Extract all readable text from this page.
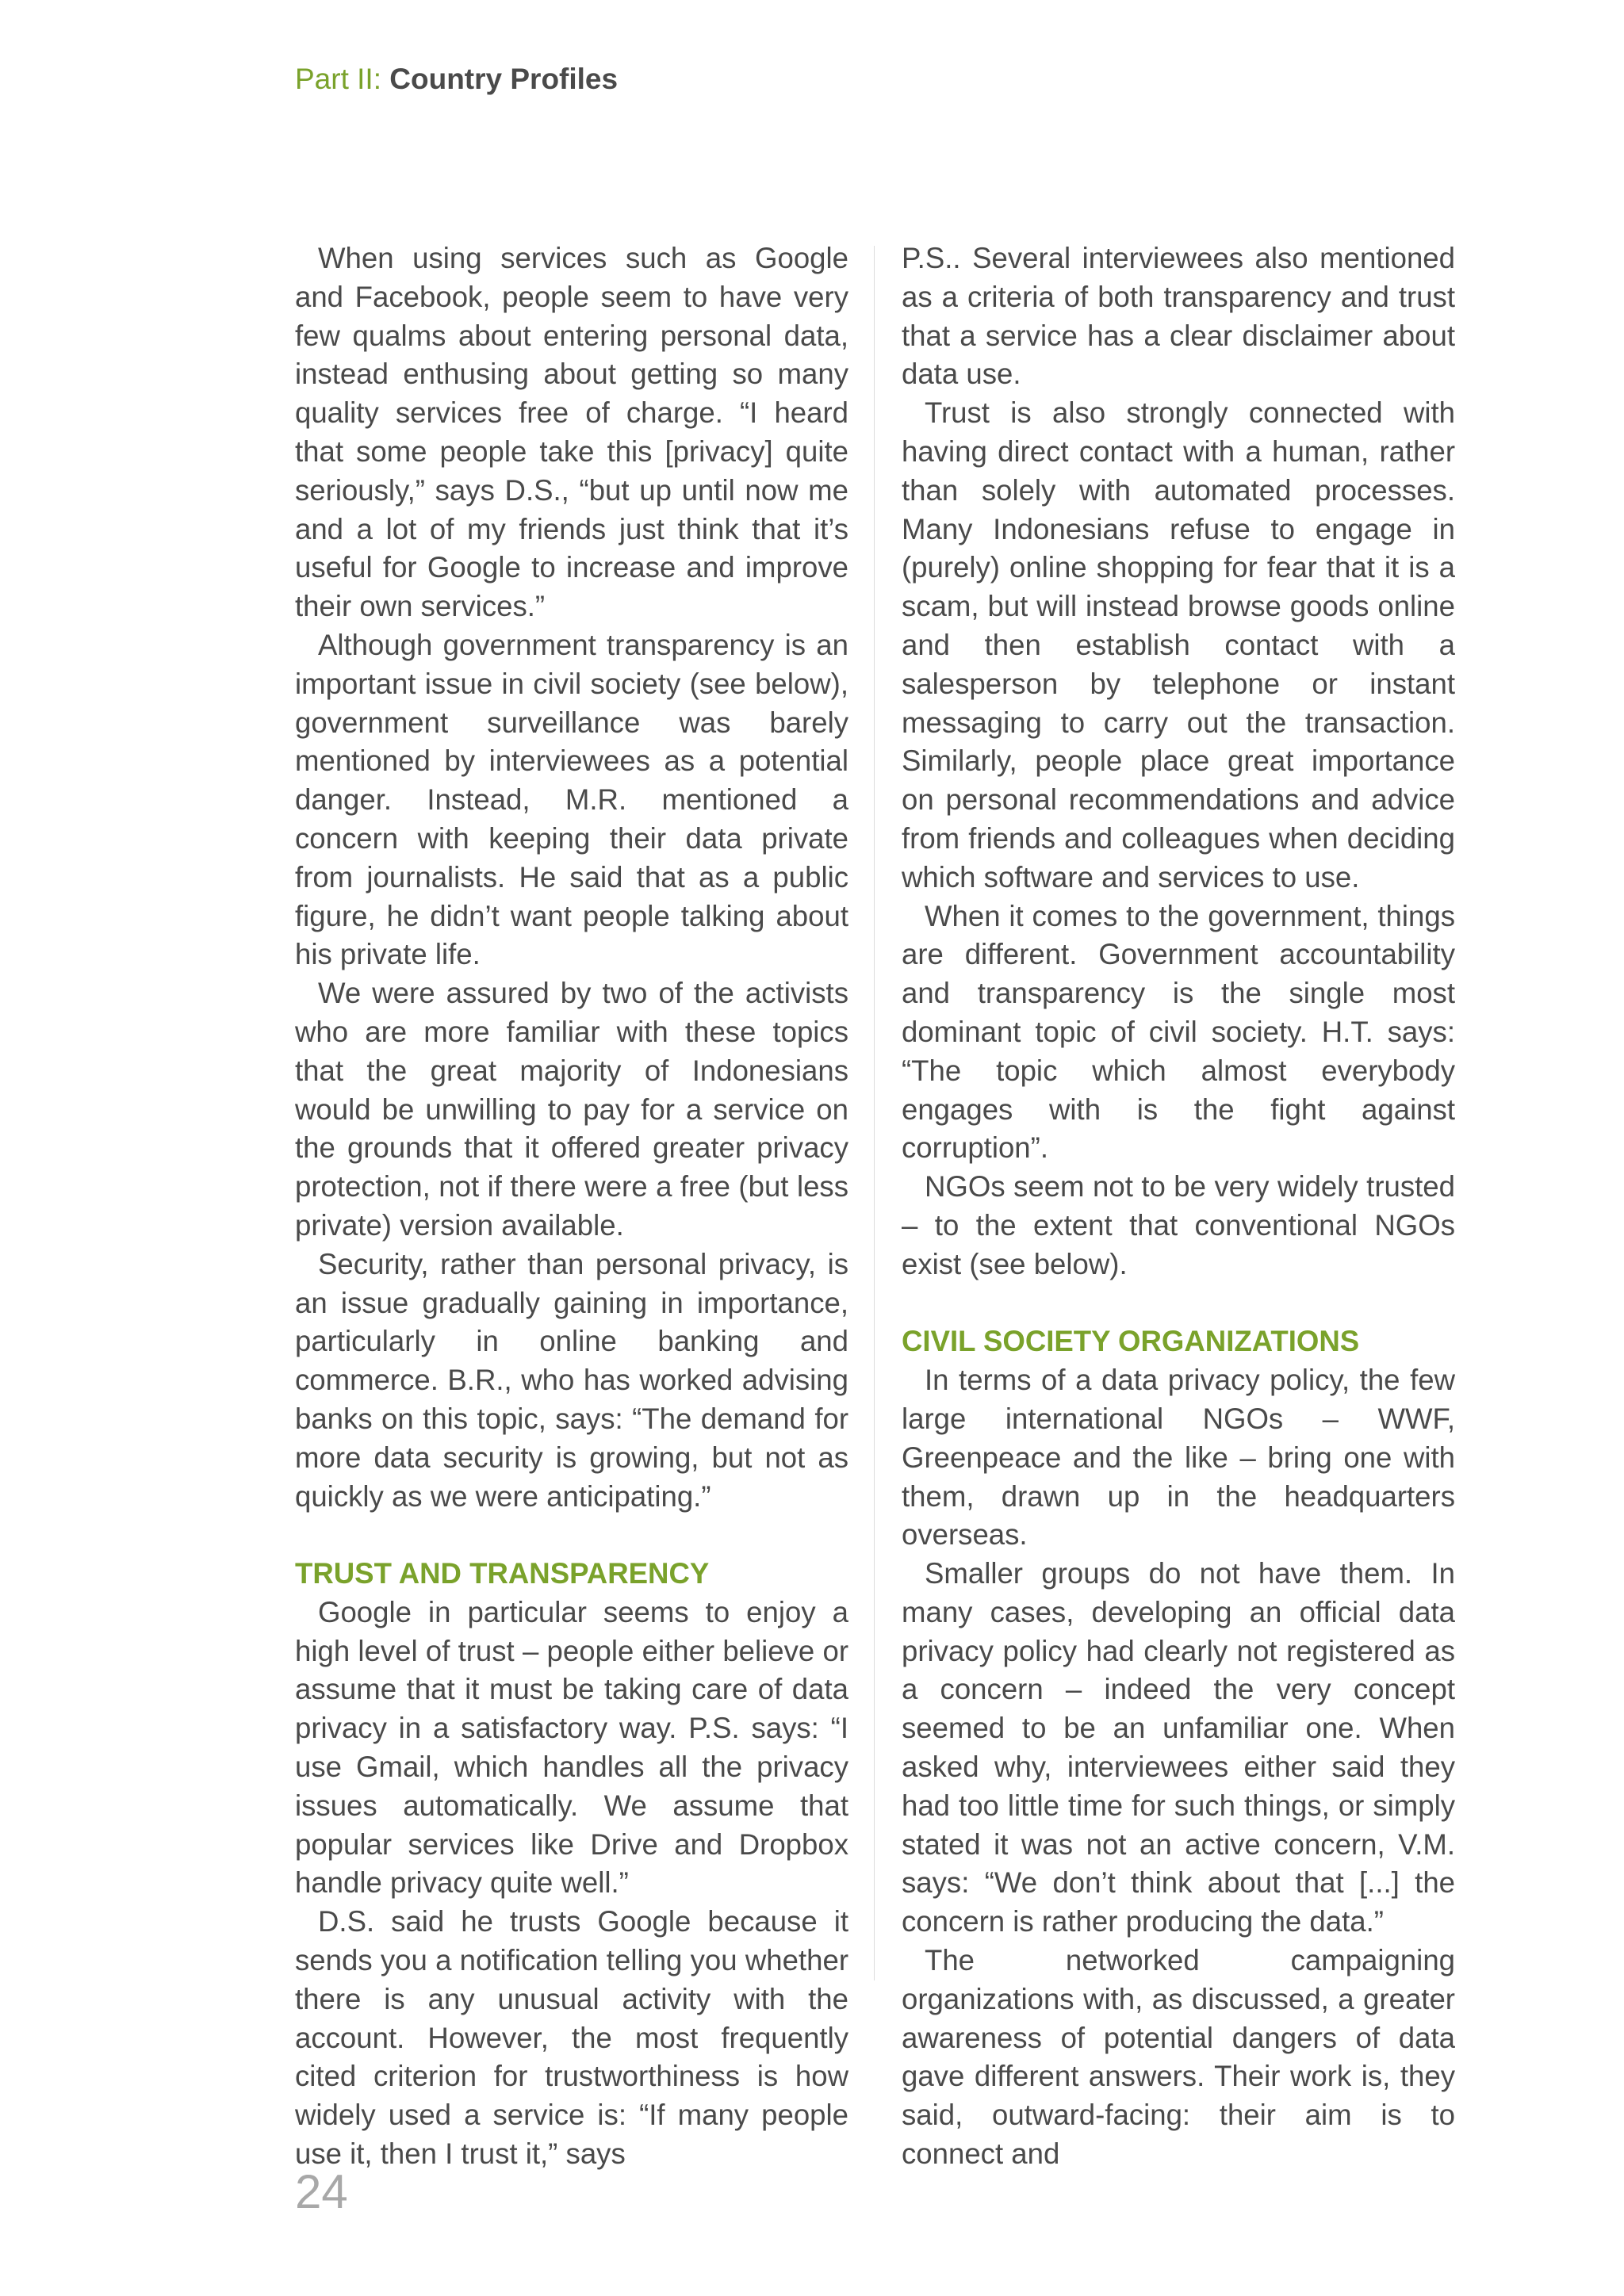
Part II: Country Profiles

When using services such as Google and Facebook, people seem to have very few qualms about entering personal data, instead enthusing about getting so many quality services free of charge. “I heard that some people take this [privacy] quite seriously,” says D.S., “but up until now me and a lot of my friends just think that it’s useful for Google to increase and improve their own services.”

Although government transparency is an important issue in civil society (see below), government surveillance was barely mentioned by interviewees as a potential danger. Instead, M.R. mentioned a concern with keeping their data private from journalists. He said that as a public figure, he didn’t want people talking about his private life.

We were assured by two of the activists who are more familiar with these topics that the great majority of Indonesians would be unwilling to pay for a service on the grounds that it offered greater privacy protection, not if there were a free (but less private) version available.

Security, rather than personal privacy, is an issue gradually gaining in importance, particularly in online banking and commerce. B.R., who has worked advising banks on this topic, says: “The demand for more data security is growing, but not as quickly as we were anticipating.”

TRUST AND TRANSPARENCY

Google in particular seems to enjoy a high level of trust – people either believe or assume that it must be taking care of data privacy in a satisfactory way. P.S. says: “I use Gmail, which handles all the privacy issues automatically. We assume that popular services like Drive and Dropbox handle privacy quite well.”

D.S. said he trusts Google because it sends you a notification telling you whether there is any unusual activity with the account. However, the most frequently cited criterion for trustworthiness is how widely used a service is: “If many people use it, then I trust it,” says

P.S.. Several interviewees also mentioned as a criteria of both transparency and trust that a service has a clear disclaimer about data use.

Trust is also strongly connected with having direct contact with a human, rather than solely with automated processes. Many Indonesians refuse to engage in (purely) online shopping for fear that it is a scam, but will instead browse goods online and then establish contact with a salesperson by telephone or instant messaging to carry out the transaction. Similarly, people place great importance on personal recommendations and advice from friends and colleagues when deciding which software and services to use.

When it comes to the government, things are different. Government accountability and transparency is the single most dominant topic of civil society. H.T. says: “The topic which almost everybody engages with is the fight against corruption”.

NGOs seem not to be very widely trusted – to the extent that conventional NGOs exist (see below).

CIVIL SOCIETY ORGANIZATIONS

In terms of a data privacy policy, the few large international NGOs – WWF, Greenpeace and the like – bring one with them, drawn up in the headquarters overseas.

Smaller groups do not have them. In many cases, developing an official data privacy policy had clearly not registered as a concern – indeed the very concept seemed to be an unfamiliar one. When asked why, interviewees either said they had too little time for such things, or simply stated it was not an active concern, V.M. says: “We don’t think about that [...] the concern is rather producing the data.”

The networked campaigning organizations with, as discussed, a greater awareness of potential dangers of data gave different answers. Their work is, they said, outward-facing: their aim is to connect and

24
